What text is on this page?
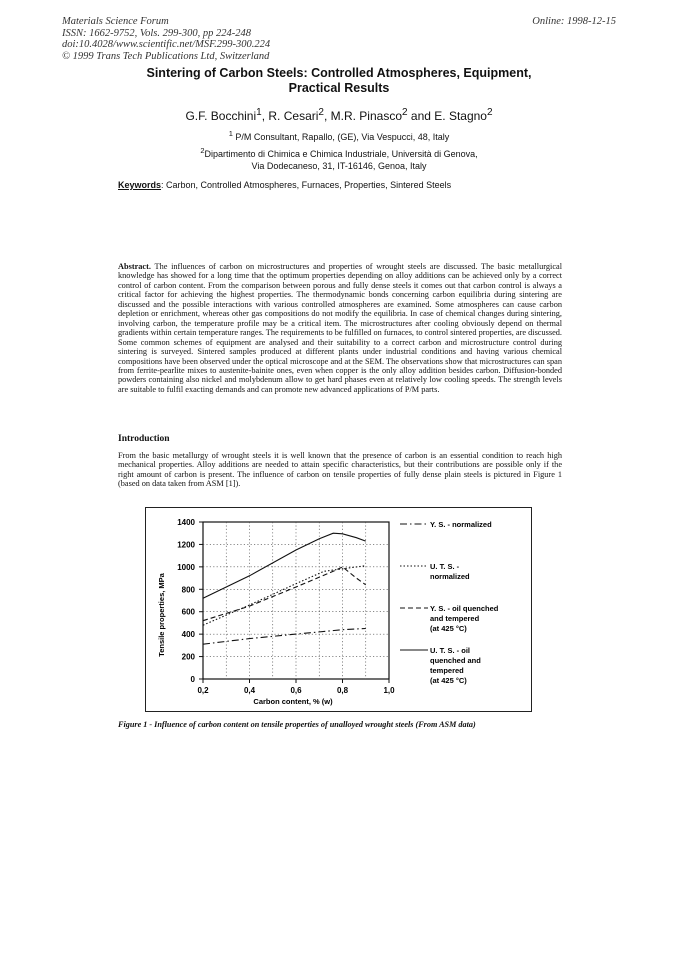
Materials Science Forum
ISSN: 1662-9752, Vols. 299-300, pp 224-248
doi:10.4028/www.scientific.net/MSF.299-300.224
© 1999 Trans Tech Publications Ltd, Switzerland
Online: 1998-12-15
Sintering of Carbon Steels: Controlled Atmospheres, Equipment,
Practical Results
G.F. Bocchini$^1$, R. Cesari$^2$, M.R. Pinasco$^2$ and E. Stagno$^2$
$^1$ P/M Consultant, Rapallo, (GE), Via Vespucci, 48, Italy
$^2$Dipartimento di Chimica e Chimica Industriale, Università di Genova,
Via Dodecaneso, 31, IT-16146, Genoa, Italy
Keywords: Carbon, Controlled Atmospheres, Furnaces, Properties, Sintered Steels
Abstract. The influences of carbon on microstructures and properties of wrought steels are discussed. The basic metallurgical knowledge has showed for a long time that the optimum properties depending on alloy additions can be achieved only by a correct control of carbon content. From the comparison between porous and fully dense steels it comes out that carbon control is always a critical factor for achieving the highest properties. The thermodynamic bonds concerning carbon equilibria during sintering are discussed and the possible interactions with various controlled atmospheres are examined. Some atmospheres can cause carbon depletion or enrichment, whereas other gas compositions do not modify the equilibria. In case of chemical changes during sintering, involving carbon, the temperature profile may be a critical item. The microstructures after cooling obviously depend on thermal gradients within certain temperature ranges. The requirements to be fulfilled on furnaces, to control sintered properties, are discussed. Some common schemes of equipment are analysed and their suitability to a correct carbon and microstructure control during sintering is surveyed. Sintered samples produced at different plants under industrial conditions and having various chemical compositions have been observed under the optical microscope and at the SEM. The observations show that microstructures can span from ferrite-pearlite mixes to austenite-bainite ones, even when copper is the only alloy addition besides carbon. Diffusion-bonded powders containing also nickel and molybdenum allow to get hard phases even at relatively low cooling speeds. The strength levels are suitable to fulfil exacting demands and can promote new advanced applications of P/M parts.
Introduction
From the basic metallurgy of wrought steels it is well known that the presence of carbon is an essential condition to reach high mechanical properties. Alloy additions are needed to attain specific characteristics, but their contributions are possible only if the right amount of carbon is present. The influence of carbon on tensile properties of fully dense plain steels is pictured in Figure 1 (based on data taken from ASM [1]).
0
200
400
600
800
1000
1200
1400
0,2	0,4	0,6	0,8	1,0
Tensile properties, MPa
Carbon content, % (w)
Y. S. - normalized
U. T. S. -normalized
Y. S. - oil quenched and tempered (at 425 °C)
U. T. S. - oil quenched and tempered (at 425 °C)
Figure 1 - Influence of carbon content on tensile properties of unalloyed wrought steels (From ASM data)
